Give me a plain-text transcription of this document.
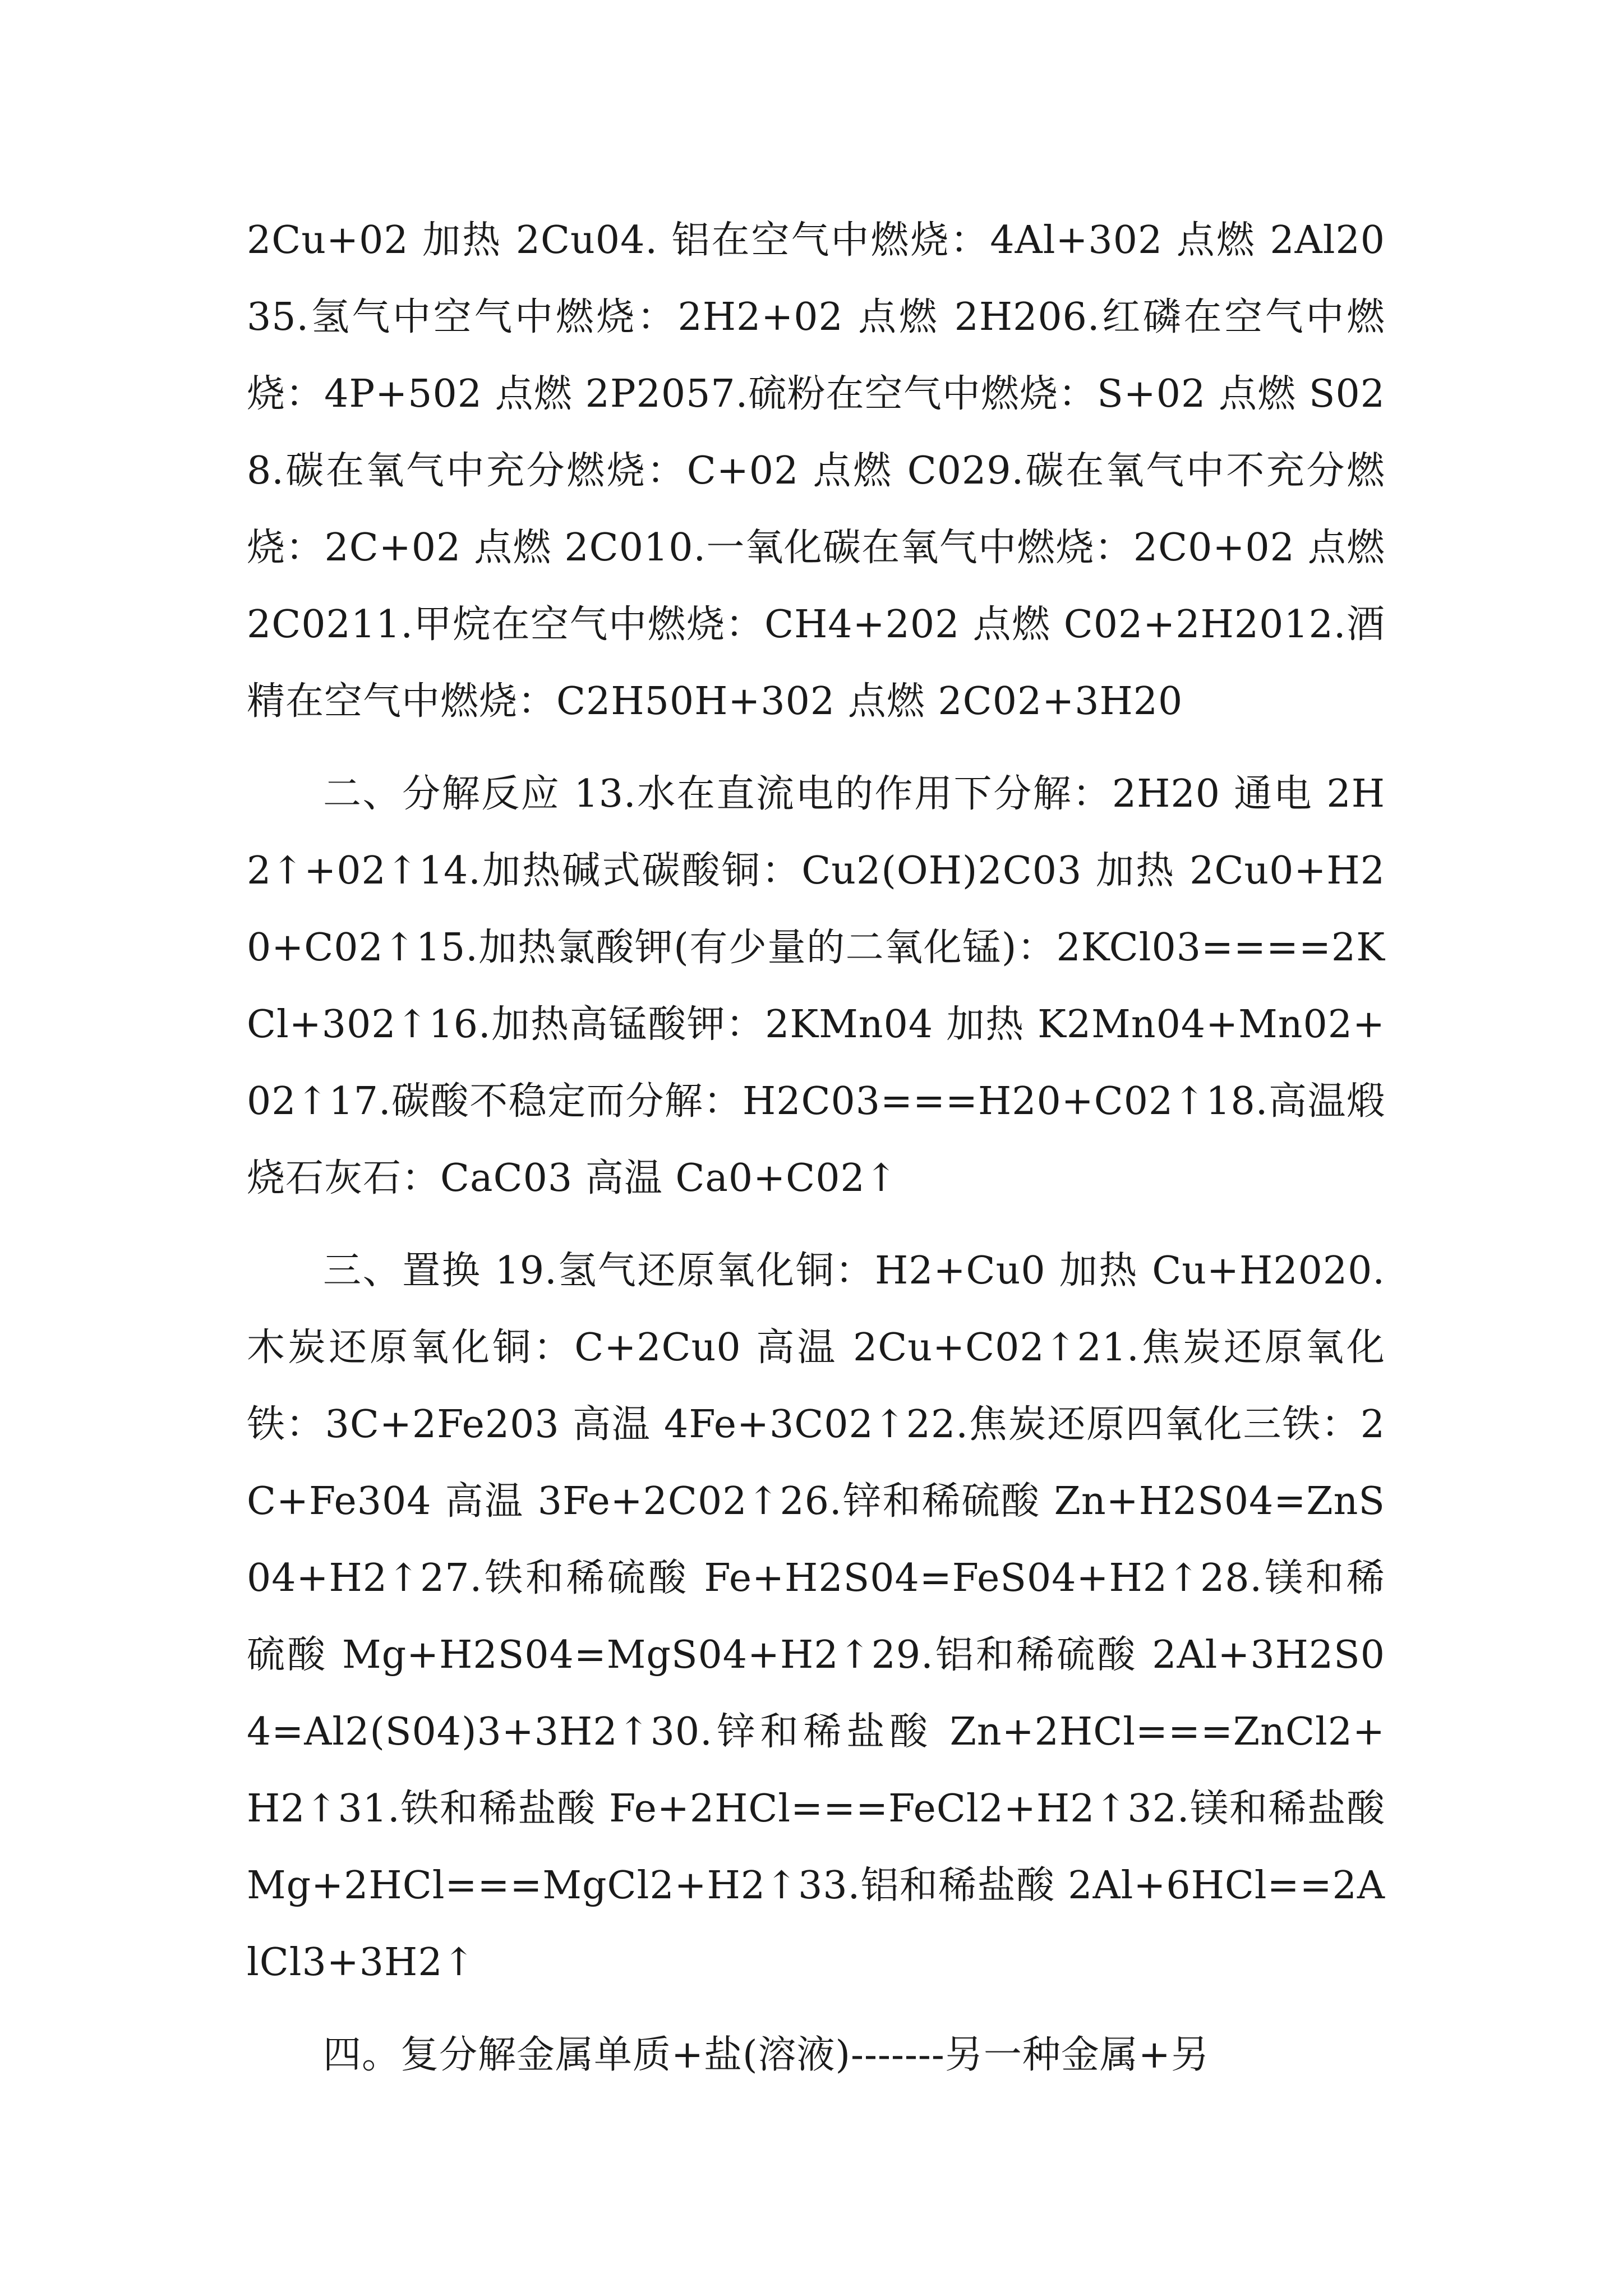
2Cu+02 加热 2Cu04. 铝在空气中燃烧：4Al+302 点燃 2Al2035.氢气中空气中燃烧：2H2+02 点燃 2H206.红磷在空气中燃烧：4P+502 点燃 2P2057.硫粉在空气中燃烧：S+02 点燃 S028.碳在氧气中充分燃烧：C+02 点燃 C029.碳在氧气中不充分燃烧：2C+02 点燃 2C010.一氧化碳在氧气中燃烧：2C0+02 点燃 2C0211.甲烷在空气中燃烧：CH4+202 点燃 C02+2H2012.酒精在空气中燃烧：C2H50H+302 点燃 2C02+3H20

二、分解反应 13.水在直流电的作用下分解：2H20 通电 2H2↑+02↑14.加热碱式碳酸铜：Cu2(OH)2C03 加热 2Cu0+H20+C02↑15.加热氯酸钾(有少量的二氧化锰)：2KCl03====2KCl+302↑16.加热高锰酸钾：2KMn04 加热 K2Mn04+Mn02+02↑17.碳酸不稳定而分解：H2C03===H20+C02↑18.高温煅烧石灰石：CaC03 高温 Ca0+C02↑

三、置换 19.氢气还原氧化铜：H2+Cu0 加热 Cu+H2020.木炭还原氧化铜：C+2Cu0 高温 2Cu+C02↑21.焦炭还原氧化铁：3C+2Fe203 高温 4Fe+3C02↑22.焦炭还原四氧化三铁：2C+Fe304 高温 3Fe+2C02↑26.锌和稀硫酸 Zn+H2S04=ZnS04+H2↑27.铁和稀硫酸 Fe+H2S04=FeS04+H2↑28.镁和稀硫酸 Mg+H2S04=MgS04+H2↑29.铝和稀硫酸 2Al+3H2S04=Al2(S04)3+3H2↑30.锌和稀盐酸 Zn+2HCl===ZnCl2+H2↑31.铁和稀盐酸 Fe+2HCl===FeCl2+H2↑32.镁和稀盐酸 Mg+2HCl===MgCl2+H2↑33.铝和稀盐酸 2Al+6HCl==2AlCl3+3H2↑

四。复分解金属单质+盐(溶液)-------另一种金属+另
